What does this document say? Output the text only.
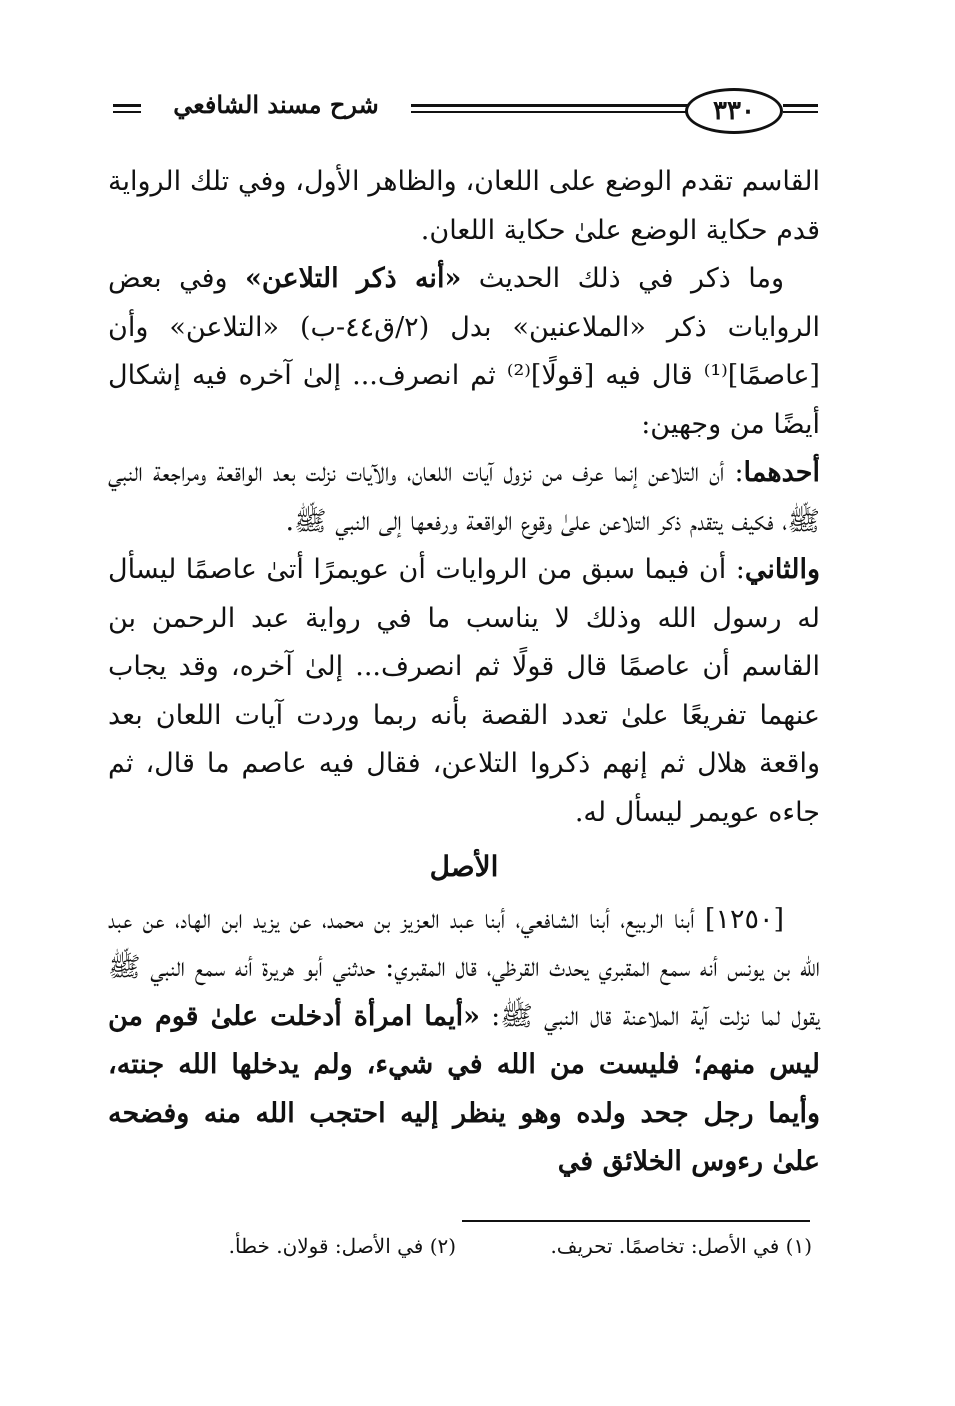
شرح مسند الشافعي	٣٣٠

القاسم تقدم الوضع على اللعان، والظاهر الأول، وفي تلك الرواية قدم حكاية الوضع علىٰ حكاية اللعان.

وما ذكر في ذلك الحديث «أنه ذكر التلاعن» وفي بعض الروايات ذكر «الملاعنين» بدل (٢/ق٤٤-ب) «التلاعن» وأن [عاصمًا]⁽¹⁾ قال فيه [قولًا]⁽²⁾ ثم انصرف... إلىٰ آخره فيه إشكال أيضًا من وجهين:

أحدهما: أن التلاعن إنما عرف من نزول آيات اللعان، والآيات نزلت بعد الواقعة ومراجعة النبي ﷺ، فكيف يتقدم ذكر التلاعن علىٰ وقوع الواقعة ورفعها إلى النبي ﷺ.

والثاني: أن فيما سبق من الروايات أن عويمرًا أتىٰ عاصمًا ليسأل له رسول الله وذلك لا يناسب ما في رواية عبد الرحمن بن القاسم أن عاصمًا قال قولًا ثم انصرف... إلىٰ آخره، وقد يجاب عنهما تفريعًا علىٰ تعدد القصة بأنه ربما وردت آيات اللعان بعد واقعة هلال ثم إنهم ذكروا التلاعن، فقال فيه عاصم ما قال، ثم جاءه عويمر ليسأل له.

الأصل

[١٢٥٠] أبنا الربيع، أبنا الشافعي، أبنا عبد العزيز بن محمد، عن يزيد ابن الهاد، عن عبد الله بن يونس أنه سمع المقبري يحدث القرظي، قال المقبري: حدثني أبو هريرة أنه سمع النبي ﷺ يقول لما نزلت آية الملاعنة قال النبي ﷺ: «أيما امرأة أدخلت علىٰ قوم من ليس منهم؛ فليست من الله في شيء، ولم يدخلها الله جنته، وأيما رجل جحد ولده وهو ينظر إليه احتجب الله منه وفضحه علىٰ رءوس الخلائق في

(١) في الأصل: تخاصمًا. تحريف. (٢) في الأصل: قولان. خطأ.
